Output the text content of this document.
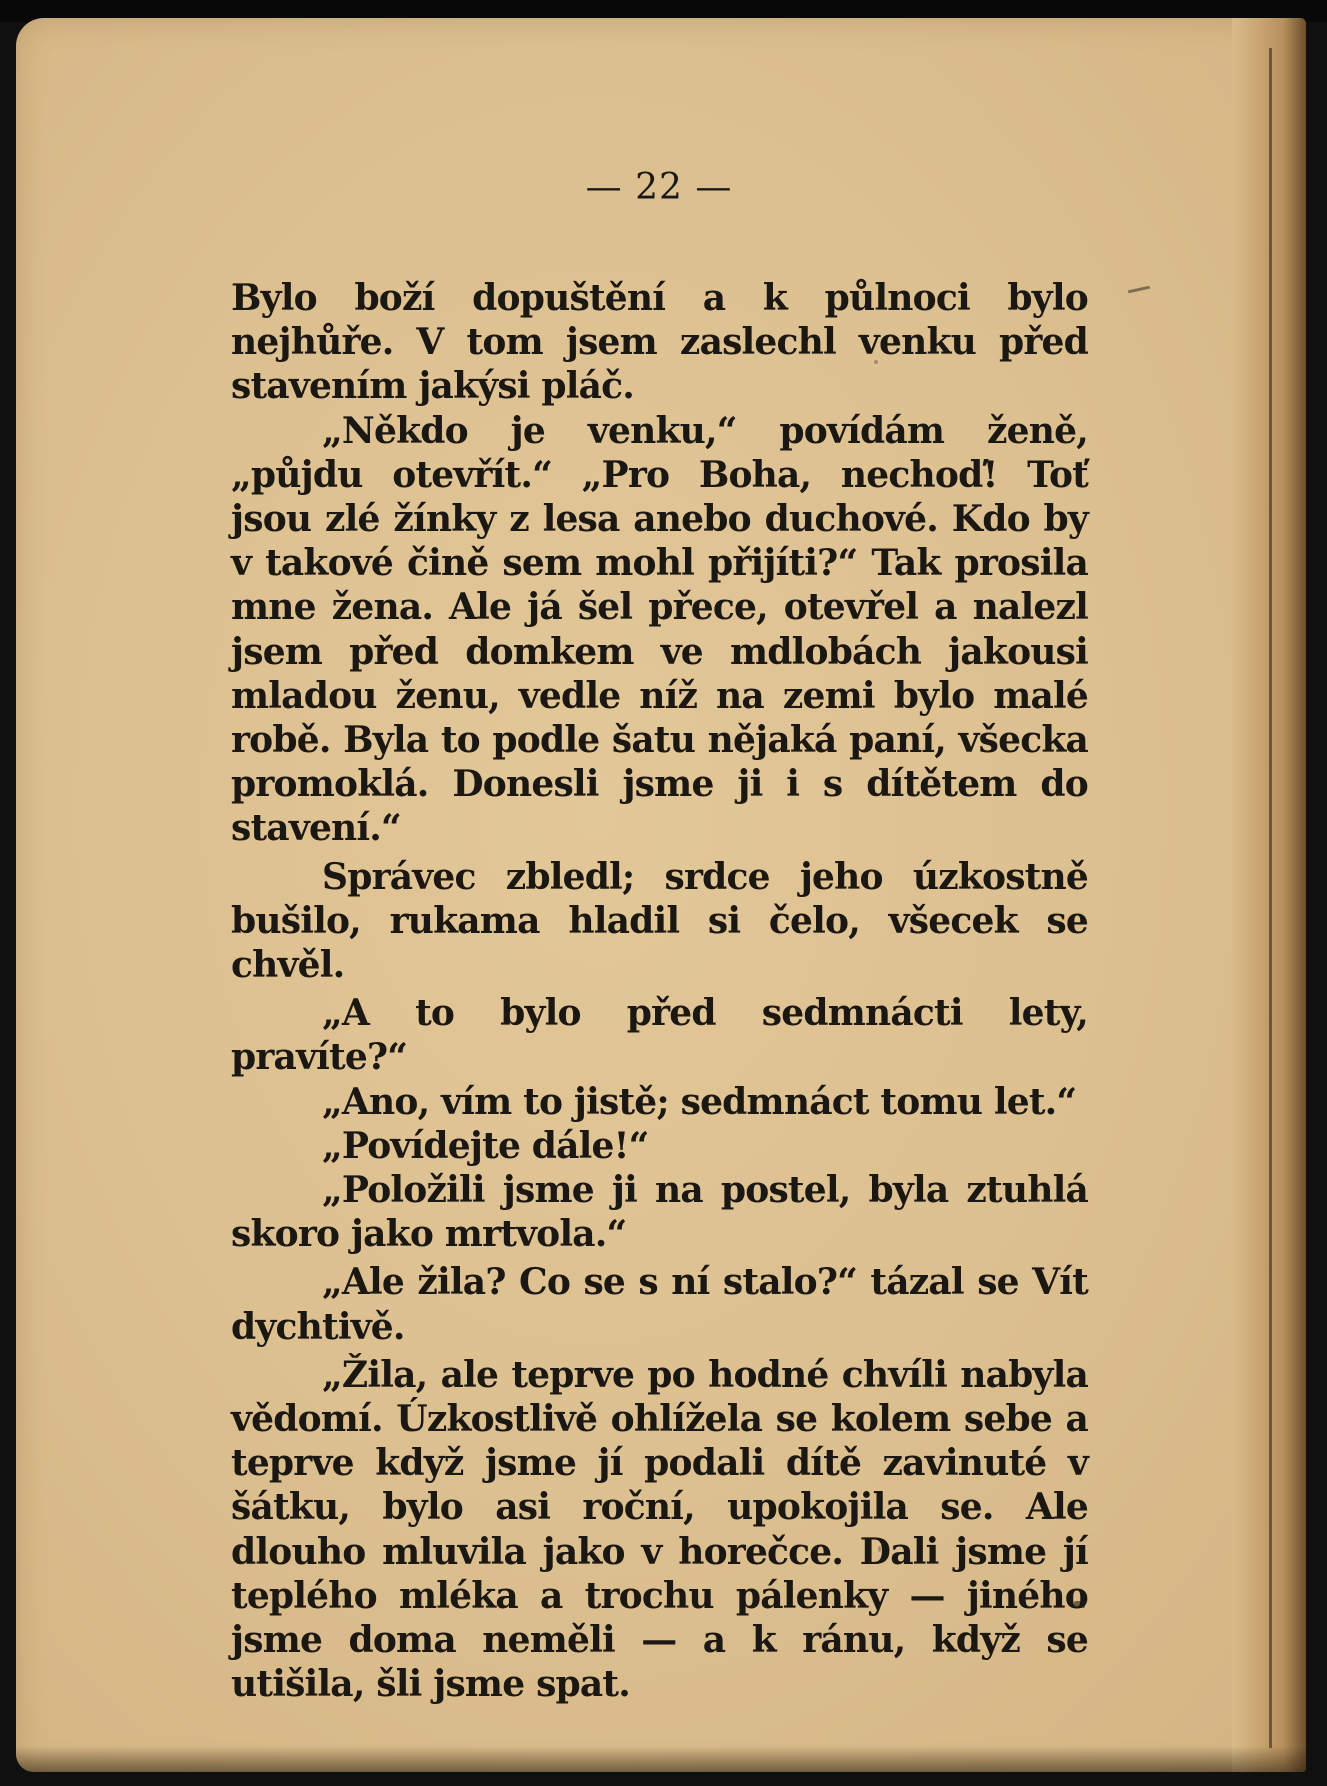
— 22 —

Bylo boží dopuštění a k půlnoci bylo nejhůře. V tom jsem zaslechl venku před stavením jakýsi pláč.

„Někdo je venku,“ povídám ženě, „půjdu otevřít.“ „Pro Boha, nechoď! Toť jsou zlé žínky z lesa anebo duchové. Kdo by v takové čině sem mohl přijíti?“ Tak prosila mne žena. Ale já šel přece, otevřel a nalezl jsem před domkem ve mdlobách jakousi mladou ženu, vedle níž na zemi bylo malé robě. Byla to podle šatu nějaká paní, všecka promoklá. Donesli jsme ji i s dítětem do stavení.“

Správec zbledl; srdce jeho úzkostně bušilo, rukama hladil si čelo, všecek se chvěl.

„A to bylo před sedmnácti lety, pravíte?“

„Ano, vím to jistě; sedmnáct tomu let.“

„Povídejte dále!“

„Položili jsme ji na postel, byla ztuhlá skoro jako mrtvola.“

„Ale žila? Co se s ní stalo?“ tázal se Vít dychtivě.

„Žila, ale teprve po hodné chvíli nabyla vědomí. Úzkostlivě ohlížela se kolem sebe a teprve když jsme jí podali dítě zavinuté v šátku, bylo asi roční, upokojila se. Ale dlouho mluvila jako v horečce. Dali jsme jí teplého mléka a trochu pálenky — jiného jsme doma neměli — a k ránu, když se utišila, šli jsme spat.
